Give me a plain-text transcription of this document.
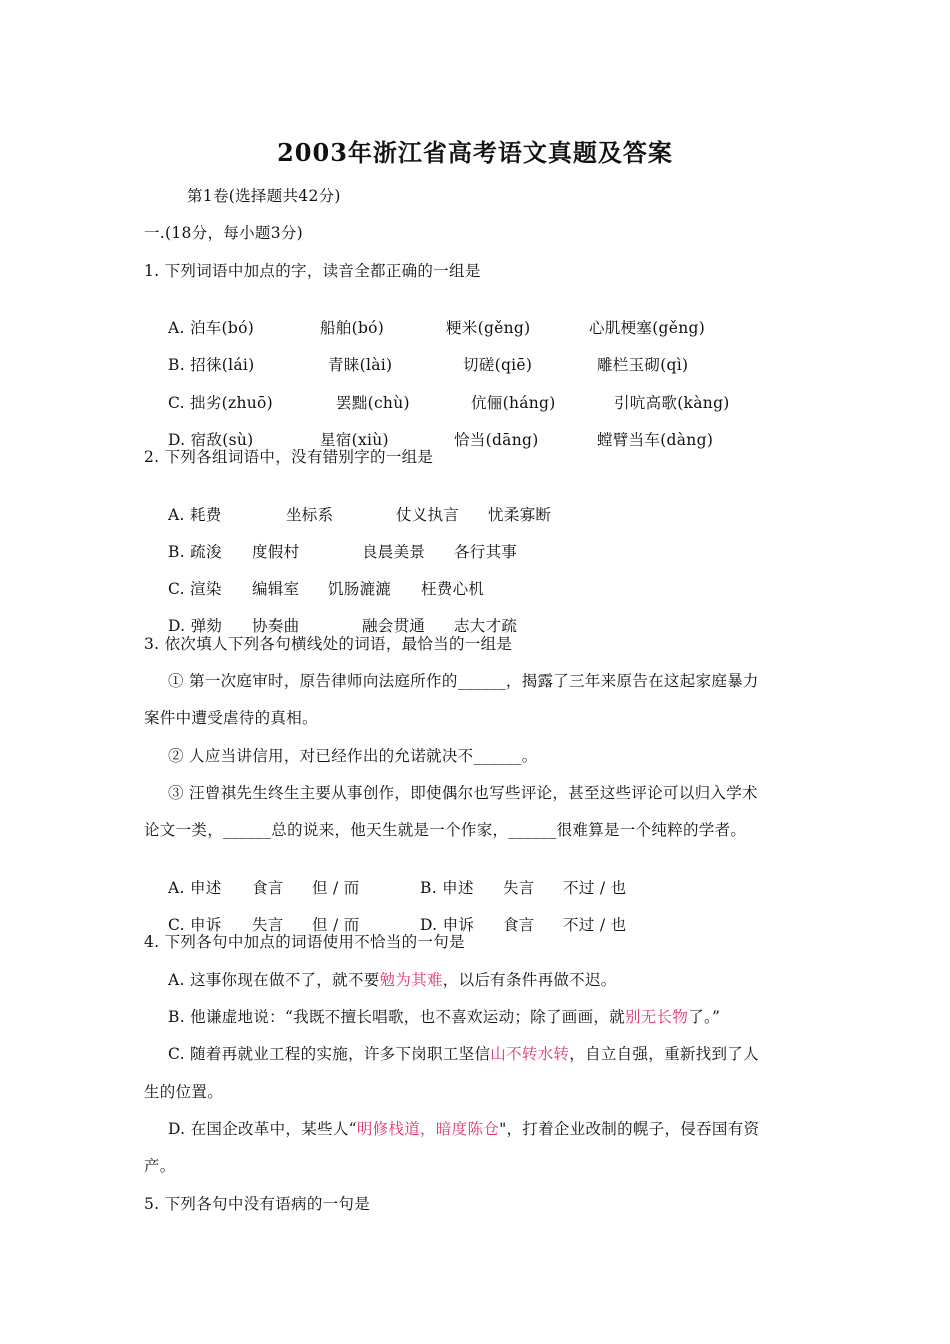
2003年浙江省高考语文真题及答案
第1卷(选择题共42分)
一.(18分，每小题3分)
1. 下列词语中加点的字，读音全都正确的一组是

A. 泊车(bó)	船舶(bó)	粳米(gěng)	心肌梗塞(gěng)

B. 招徕(lái)	青睐(lài)	切磋(qiē)	雕栏玉砌(qì)

C. 拙劣(zhuō)	罢黜(chù)	伉俪(háng)	引吭高歌(kàng)

D. 宿敌(sù)	星宿(xiù)	恰当(dāng)	螳臂当车(dàng)

2. 下列各组词语中，没有错别字的一组是

A. 耗费	坐标系	仗义执言 忧柔寡断

B. 疏浚 度假村	良晨美景 各行其事

C. 渲染 编辑室 饥肠漉漉 枉费心机

D. 弹劾 协奏曲	融会贯通 志大才疏

3. 依次填人下列各句横线处的词语，最恰当的一组是
① 第一次庭审时，原告律师向法庭所作的______，揭露了三年来原告在这起家庭暴力
案件中遭受虐待的真相。
② 人应当讲信用，对已经作出的允诺就决不______。
③ 汪曾祺先生终生主要从事创作，即使偶尔也写些评论，甚至这些评论可以归入学术
论文一类，______总的说来，他天生就是一个作家，______很难算是一个纯粹的学者。

A. 申述 食言 但 / 而	B. 申述 失言 不过 / 也

C. 申诉 失言 但 / 而	D. 申诉 食言 不过 / 也

4. 下列各句中加点的词语使用不恰当的一句是
A. 这事你现在做不了，就不要勉为其难，以后有条件再做不迟。
B. 他谦虚地说：“我既不擅长唱歌，也不喜欢运动；除了画画，就别无长物了。”
C. 随着再就业工程的实施，许多下岗职工坚信山不转水转，自立自强，重新找到了人
生的位置。
D. 在国企改革中，某些人“明修栈道，暗度陈仓"，打着企业改制的幌子，侵吞国有资
产。
5. 下列各句中没有语病的一句是
